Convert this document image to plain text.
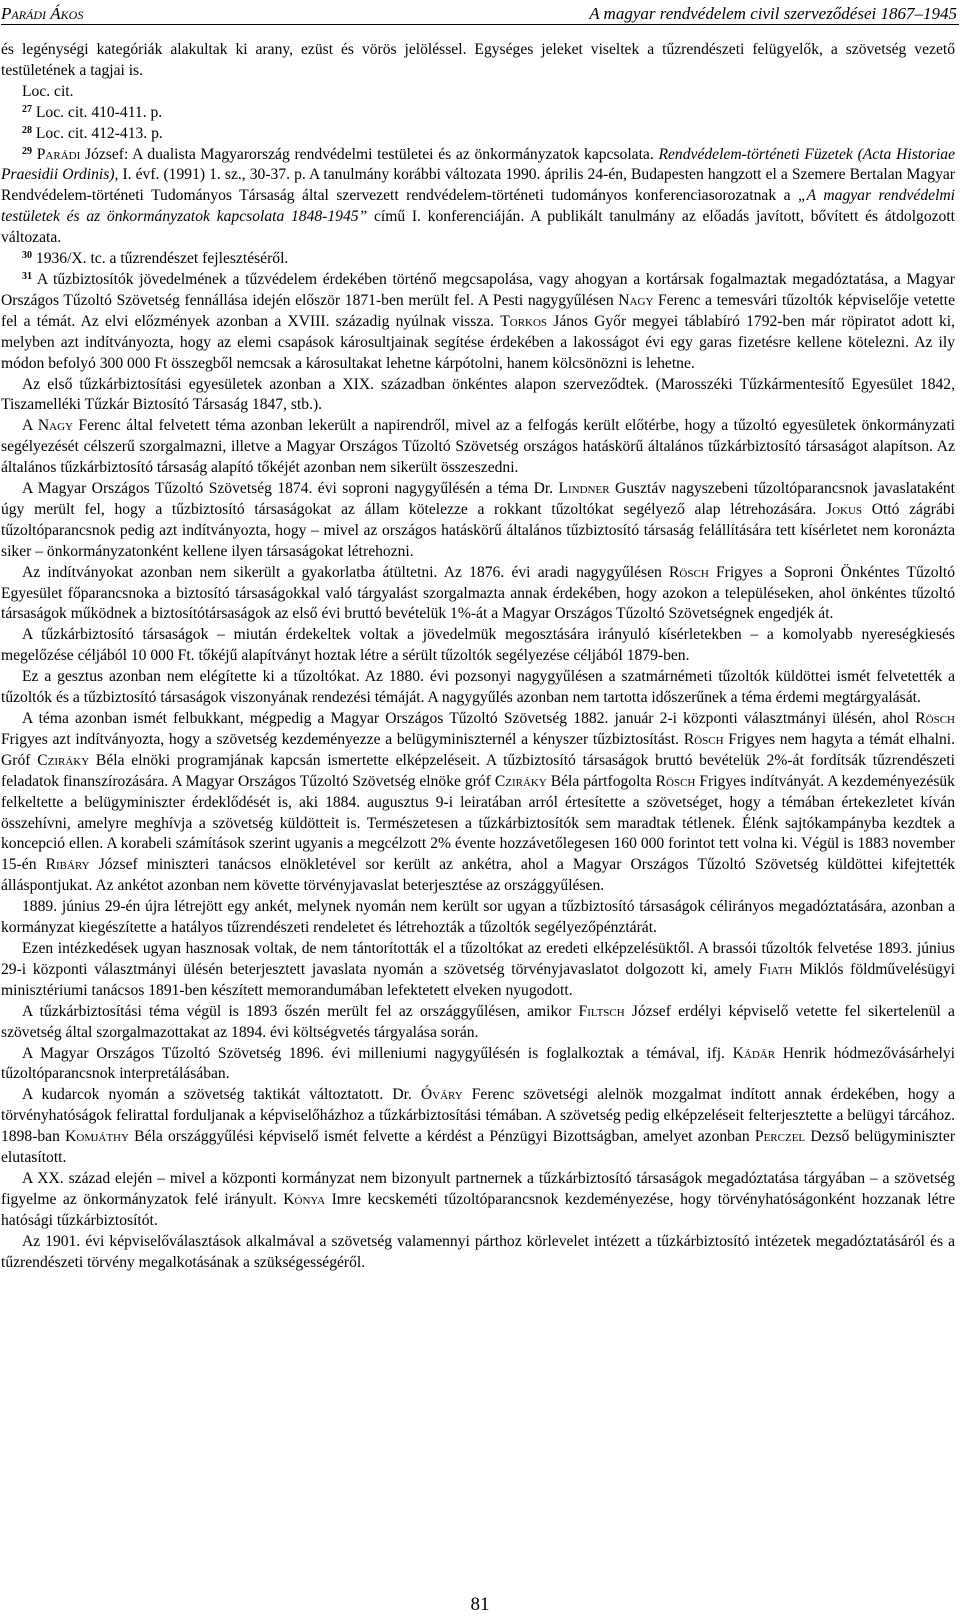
Parádi Ákos	A magyar rendvédelem civil szerveződései 1867–1945

és legénységi kategóriák alakultak ki arany, ezüst és vörös jelöléssel. Egységes jeleket viseltek a tűzrendészeti felügyelők, a szövetség vezető testületének a tagjai is.

Loc. cit.

$^{27}$ Loc. cit. 410-411. p.

$^{28}$ Loc. cit. 412-413. p.

$^{29}$ Parádi József: A dualista Magyarország rendvédelmi testületei és az önkormányzatok kapcsolata. Rendvédelem-történeti Füzetek (Acta Historiae Praesidii Ordinis), I. évf. (1991) 1. sz., 30-37. p. A tanulmány korábbi változata 1990. április 24-én, Budapesten hangzott el a Szemere Bertalan Magyar Rendvédelem-történeti Tudományos Társaság által szervezett rendvédelem-történeti tudományos konferenciasorozatnak a „A magyar rendvédelmi testületek és az önkormányzatok kapcsolata 1848-1945” című I. konferenciáján. A publikált tanulmány az előadás javított, bővített és átdolgozott változata.

$^{30}$ 1936/X. tc. a tűzrendészet fejlesztéséről.

$^{31}$ A tűzbiztosítók jövedelmének a tűzvédelem érdekében történő megcsapolása, vagy ahogyan a kortársak fogalmaztak megadóztatása, a Magyar Országos Tűzoltó Szövetség fennállása idején először 1871-ben merült fel. A Pesti nagygyűlésen Nagy Ferenc a temesvári tűzoltók képviselője vetette fel a témát. Az elvi előzmények azonban a XVIII. századig nyúlnak vissza. Torkos János Győr megyei táblabíró 1792-ben már röpiratot adott ki, melyben azt indítványozta, hogy az elemi csapások károsultjainak segítése érdekében a lakosságot évi egy garas fizetésre kellene kötelezni. Az ily módon befolyó 300 000 Ft összegből nemcsak a károsultakat lehetne kárpótolni, hanem kölcsönözni is lehetne.

Az első tűzkárbiztosítási egyesületek azonban a XIX. században önkéntes alapon szerveződtek. (Marosszéki Tűzkármentesítő Egyesület 1842, Tiszamelléki Tűzkár Biztosító Társaság 1847, stb.).

A Nagy Ferenc által felvetett téma azonban lekerült a napirendről, mivel az a felfogás került előtérbe, hogy a tűzoltó egyesületek önkormányzati segélyezését célszerű szorgalmazni, illetve a Magyar Országos Tűzoltó Szövetség országos hatáskörű általános tűzkárbiztosító társaságot alapítson. Az általános tűzkárbiztosító társaság alapító tőkéjét azonban nem sikerült összeszedni.

A Magyar Országos Tűzoltó Szövetség 1874. évi soproni nagygyűlésén a téma Dr. Lindner Gusztáv nagyszebeni tűzoltóparancsnok javaslataként úgy merült fel, hogy a tűzbiztosító társaságokat az állam kötelezze a rokkant tűzoltókat segélyező alap létrehozására. Jokus Ottó zágrábi tűzoltóparancsnok pedig azt indítványozta, hogy – mivel az országos hatáskörű általános tűzbiztosító társaság felállítására tett kísérletet nem koronázta siker – önkormányzatonként kellene ilyen társaságokat létrehozni.

Az indítványokat azonban nem sikerült a gyakorlatba átültetni. Az 1876. évi aradi nagygyűlésen Rösch Frigyes a Soproni Önkéntes Tűzoltó Egyesület főparancsnoka a biztosító társaságokkal való tárgyalást szorgalmazta annak érdekében, hogy azokon a településeken, ahol önkéntes tűzoltó társaságok működnek a biztosítótársaságok az első évi bruttó bevételük 1%-át a Magyar Országos Tűzoltó Szövetségnek engedjék át.

A tűzkárbiztosító társaságok – miután érdekeltek voltak a jövedelmük megosztására irányuló kísérletekben – a komolyabb nyereségkiesés megelőzése céljából 10 000 Ft. tőkéjű alapítványt hoztak létre a sérült tűzoltók segélyezése céljából 1879-ben.

Ez a gesztus azonban nem elégítette ki a tűzoltókat. Az 1880. évi pozsonyi nagygyűlésen a szatmárnémeti tűzoltók küldöttei ismét felvetették a tűzoltók és a tűzbiztosító társaságok viszonyának rendezési témáját. A nagygyűlés azonban nem tartotta időszerűnek a téma érdemi megtárgyalását.

A téma azonban ismét felbukkant, mégpedig a Magyar Országos Tűzoltó Szövetség 1882. január 2-i központi választmányi ülésén, ahol Rösch Frigyes azt indítványozta, hogy a szövetség kezdeményezze a belügyminiszternél a kényszer tűzbiztosítást. Rösch Frigyes nem hagyta a témát elhalni. Gróf Cziráky Béla elnöki programjának kapcsán ismertette elképzeléseit. A tűzbiztosító társaságok bruttó bevételük 2%-át fordítsák tűzrendészeti feladatok finanszírozására. A Magyar Országos Tűzoltó Szövetség elnöke gróf Cziráky Béla pártfogolta Rösch Frigyes indítványát. A kezdeményezésük felkeltette a belügyminiszter érdeklődését is, aki 1884. augusztus 9-i leiratában arról értesítette a szövetséget, hogy a témában értekezletet kíván összehívni, amelyre meghívja a szövetség küldötteit is. Természetesen a tűzkárbiztosítók sem maradtak tétlenek. Élénk sajtókampányba kezdtek a koncepció ellen. A korabeli számítások szerint ugyanis a megcélzott 2% évente hozzávetőlegesen 160 000 forintot tett volna ki. Végül is 1883 november 15-én Ribáry József miniszteri tanácsos elnökletével sor került az ankétra, ahol a Magyar Országos Tűzoltó Szövetség küldöttei kifejtették álláspontjukat. Az ankétot azonban nem követte törvényjavaslat beterjesztése az országgyűlésen.

1889. június 29-én újra létrejött egy ankét, melynek nyomán nem került sor ugyan a tűzbiztosító társaságok célirányos megadóztatására, azonban a kormányzat kiegészítette a hatályos tűzrendészeti rendeletet és létrehozták a tűzoltók segélyezőpénztárát.

Ezen intézkedések ugyan hasznosak voltak, de nem tántorították el a tűzoltókat az eredeti elképzelésüktől. A brassói tűzoltók felvetése 1893. június 29-i központi választmányi ülésén beterjesztett javaslata nyomán a szövetség törvényjavaslatot dolgozott ki, amely Fiath Miklós földművelésügyi minisztériumi tanácsos 1891-ben készített memorandumában lefektetett elveken nyugodott.

A tűzkárbiztosítási téma végül is 1893 őszén merült fel az országgyűlésen, amikor Filtsch József erdélyi képviselő vetette fel sikertelenül a szövetség által szorgalmazottakat az 1894. évi költségvetés tárgyalása során.

A Magyar Országos Tűzoltó Szövetség 1896. évi milleniumi nagygyűlésén is foglalkoztak a témával, ifj. Kádár Henrik hódmezővásárhelyi tűzoltóparancsnok interpretálásában.

A kudarcok nyomán a szövetség taktikát változtatott. Dr. Óváry Ferenc szövetségi alelnök mozgalmat indított annak érdekében, hogy a törvényhatóságok felirattal forduljanak a képviselőházhoz a tűzkárbiztosítási témában. A szövetség pedig elképzeléseit felterjesztette a belügyi tárcához. 1898-ban Komjáthy Béla országgyűlési képviselő ismét felvette a kérdést a Pénzügyi Bizottságban, amelyet azonban Perczel Dezső belügyminiszter elutasított.

A XX. század elején – mivel a központi kormányzat nem bizonyult partnernek a tűzkárbiztosító társaságok megadóztatása tárgyában – a szövetség figyelme az önkormányzatok felé irányult. Kónya Imre kecskeméti tűzoltóparancsnok kezdeményezése, hogy törvényhatóságonként hozzanak létre hatósági tűzkárbiztosítót.

Az 1901. évi képviselőválasztások alkalmával a szövetség valamennyi párthoz körlevelet intézett a tűzkárbiztosító intézetek megadóztatásáról és a tűzrendészeti törvény megalkotásának a szükségességéről.

81
